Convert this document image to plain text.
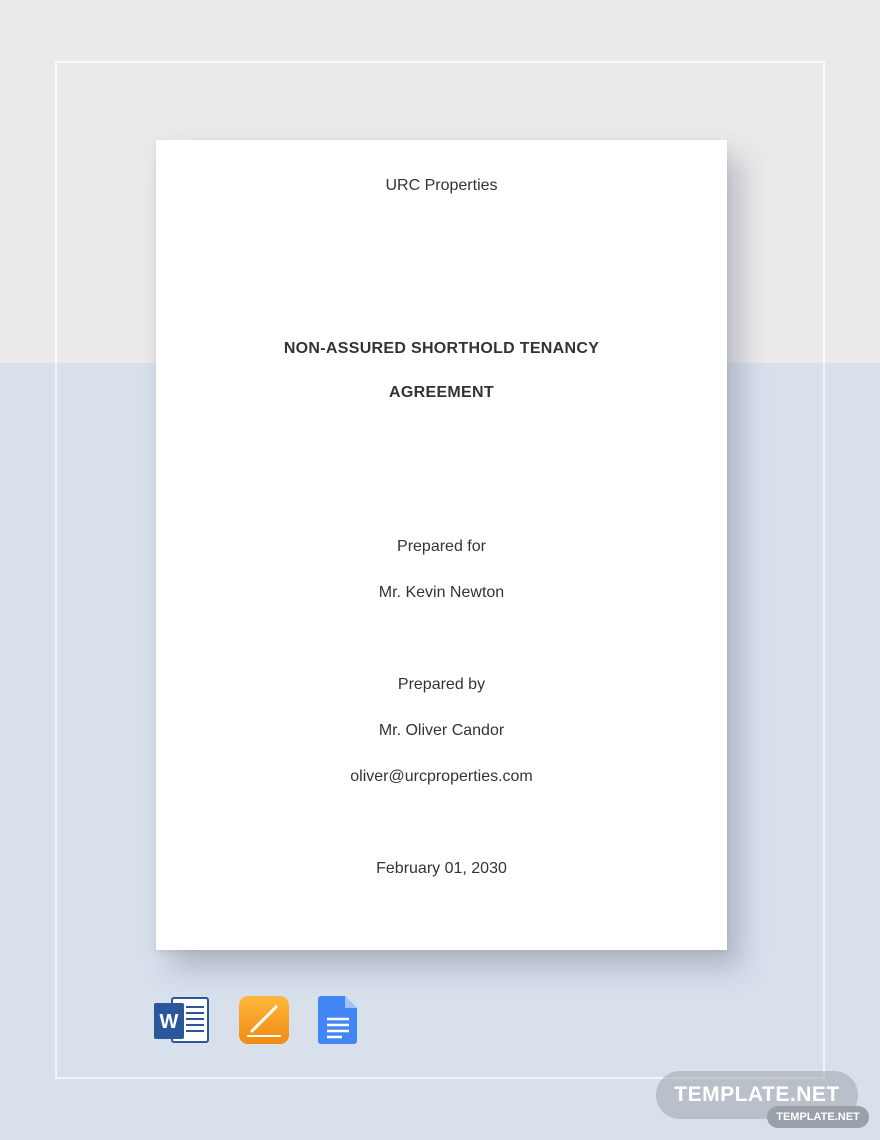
URC Properties
NON-ASSURED SHORTHOLD TENANCY
AGREEMENT
Prepared for
Mr. Kevin Newton
Prepared by
Mr. Oliver Candor
oliver@urcproperties.com
February 01, 2030
W
TEMPLATE.NET
TEMPLATE.NET
